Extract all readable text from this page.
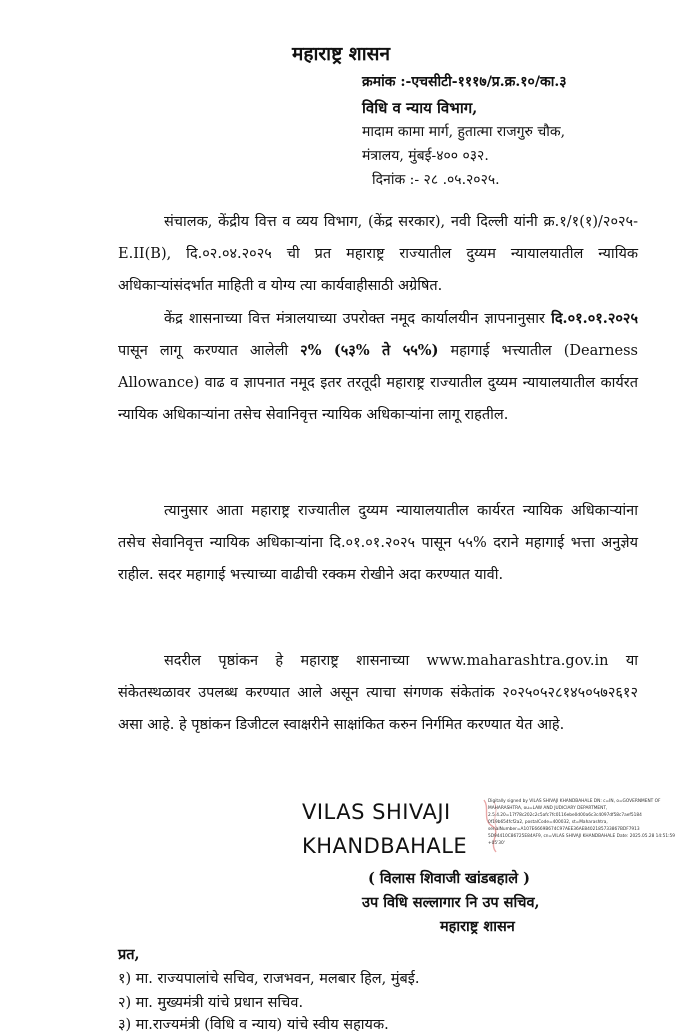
महाराष्ट्र शासन
क्रमांक :-एचसीटी-१११७/प्र.क्र.१०/का.३
विधि व न्याय विभाग,
मादाम कामा मार्ग, हुतात्मा राजगुरु चौक,
मंत्रालय, मुंबई-४०० ०३२.
दिनांक :- २८ .०५.२०२५.
संचालक, केंद्रीय वित्त व व्यय विभाग, (केंद्र सरकार), नवी दिल्ली यांनी क्र.१/१(१)/२०२५-E.II(B), दि.०२.०४.२०२५ ची प्रत महाराष्ट्र राज्यातील दुय्यम न्यायालयातील न्यायिक अधिकाऱ्यांसंदर्भात माहिती व योग्य त्या कार्यवाहीसाठी अग्रेषित.
केंद्र शासनाच्या वित्त मंत्रालयाच्या उपरोक्त नमूद कार्यालयीन ज्ञापनानुसार दि.०१.०१.२०२५ पासून लागू करण्यात आलेली २% (५३% ते ५५%) महागाई भत्त्यातील (Dearness Allowance) वाढ व ज्ञापनात नमूद इतर तरतूदी महाराष्ट्र राज्यातील दुय्यम न्यायालयातील कार्यरत न्यायिक अधिकाऱ्यांना तसेच सेवानिवृत्त न्यायिक अधिकाऱ्यांना लागू राहतील.
त्यानुसार आता महाराष्ट्र राज्यातील दुय्यम न्यायालयातील कार्यरत न्यायिक अधिकाऱ्यांना तसेच सेवानिवृत्त न्यायिक अधिकाऱ्यांना दि.०१.०१.२०२५ पासून ५५% दराने महागाई भत्ता अनुज्ञेय राहील. सदर महागाई भत्त्याच्या वाढीची रक्कम रोखीने अदा करण्यात यावी.
सदरील पृष्ठांकन हे महाराष्ट्र शासनाच्या www.maharashtra.gov.in या संकेतस्थळावर उपलब्ध करण्यात आले असून त्याचा संगणक संकेतांक २०२५०५२८१४५०५७२६१२ असा आहे. हे पृष्ठांकन डिजीटल स्वाक्षरीने साक्षांकित करुन निर्गमित करण्यात येत आहे.
VILAS SHIVAJI
KHANDBAHALE
Digitally signed by VILAS SHIVAJI KHANDBAHALE DN: c=IN, o=GOVERNMENT OF MAHARASHTRA, ou=LAW AND JUDICIARY DEPARTMENT, 2.5.4.20=17f78c202c2c5afc7fc0116ebe0d00a6c3c4097df58c7aef5184 0f19b654fcf2a2, postalCode=400032, st=Maharashtra, serialNumber=A107E6669B674C97AEE36AE8402185733867BDF7913 5D94410C86725E84AF9, cn=VILAS SHIVAJI KHANDBAHALE Date: 2025.05.28 14:51:59 +05'30'
( विलास शिवाजी खांडबहाले )
उप विधि सल्लागार नि उप सचिव,
महाराष्ट्र शासन
प्रत,
१) मा. राज्यपालांचे सचिव, राजभवन, मलबार हिल, मुंबई.
२) मा. मुख्यमंत्री यांचे प्रधान सचिव.
३) मा.राज्यमंत्री (विधि व न्याय) यांचे स्वीय सहायक.
